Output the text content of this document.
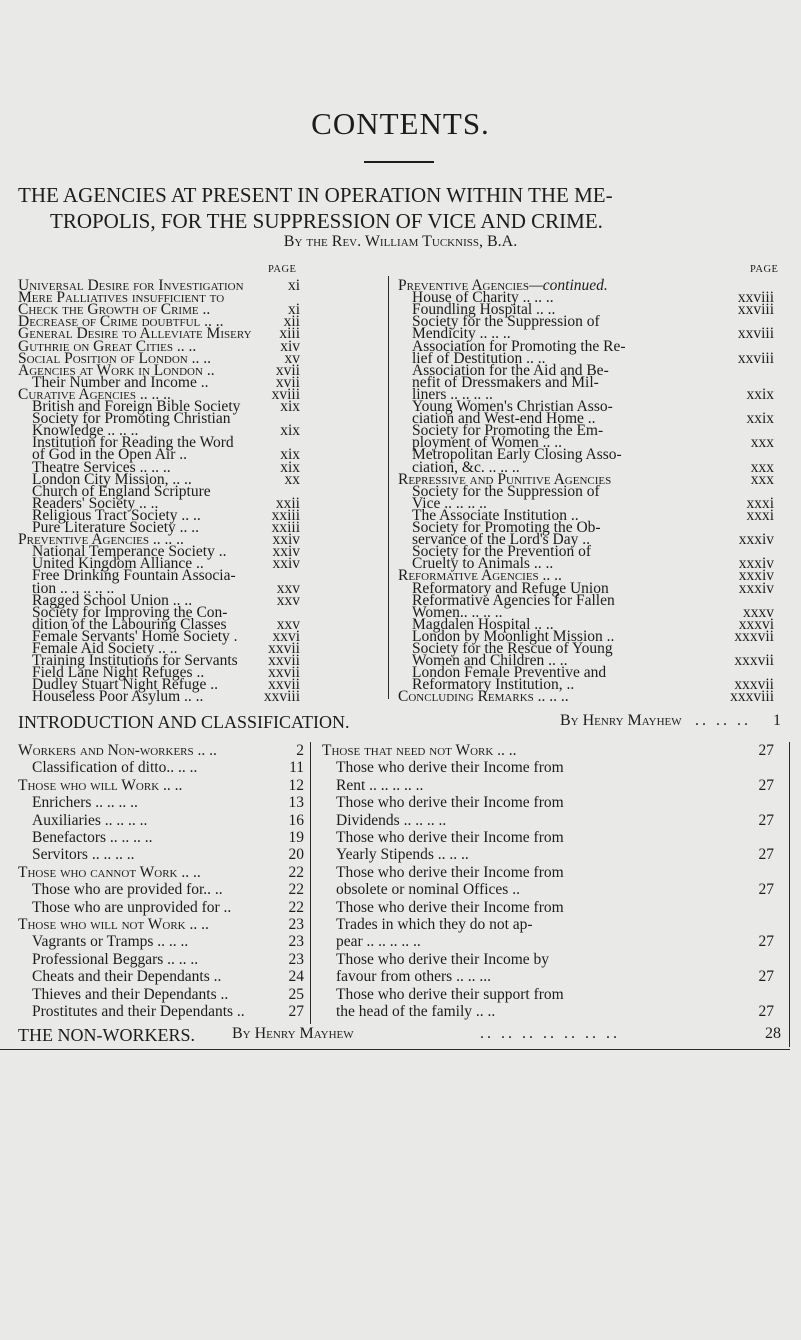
CONTENTS.
THE AGENCIES AT PRESENT IN OPERATION WITHIN THE ME-
TROPOLIS, FOR THE SUPPRESSION OF VICE AND CRIME.
By the Rev. William Tuckniss, B.A.
PAGE	PAGE
Universal Desire for Investigation	xi
Mere Palliatives insufficient to
Check the Growth of Crime ..	xi
Decrease of Crime doubtful .. ..	xii
General Desire to Alleviate Misery xiii
Guthrie on Great Cities .. ..	xiv
Social Position of London .. ..	xv
Agencies at Work in London ..	xvii
Their Number and Income ..	xvii
Curative Agencies .. .. ..	xviii
British and Foreign Bible Society	xix
Society for Promoting Christian
Knowledge .. .. ..	xix
Institution for Reading the Word
of God in the Open Air ..	xix
Theatre Services .. .. ..	xix
London City Mission, .. ..	xx
Church of England Scripture
Readers' Society .. ..	xxii
Religious Tract Society .. ..	xxiii
Pure Literature Society .. ..	xxiii
Preventive Agencies .. .. ..	xxiv
National Temperance Society ..	xxiv
United Kingdom Alliance ..	xxiv
Free Drinking Fountain Associa-
tion .. .. .. .. ..	xxv
Ragged School Union .. ..	xxv
Society for Improving the Con-
dition of the Labouring Classes	xxv
Female Servants' Home Society . xxvi
Female Aid Society .. ..	xxvii
Training Institutions for Servants xxvii
Field Lane Night Refuges ..	xxvii
Dudley Stuart Night Refuge ..	xxvii
Houseless Poor Asylum .. ..	xxviii
Preventive Agencies—continued.
House of Charity .. .. ..	xxviii
Foundling Hospital .. ..	xxviii
Society for the Suppression of
Mendicity .. .. ..	xxviii
Association for Promoting the Re-
lief of Destitution .. ..	xxviii
Association for the Aid and Be-
nefit of Dressmakers and Mil-
liners .. .. .. ..	xxix
Young Women's Christian Asso-
ciation and West-end Home ..	xxix
Society for Promoting the Em-
ployment of Women .. ..	xxx
Metropolitan Early Closing Asso-
ciation, &c. .. .. ..	xxx
Repressive and Punitive Agencies	xxx
Society for the Suppression of
Vice .. .. .. ..	xxxi
The Associate Institution ..	xxxi
Society for Promoting the Ob-
servance of the Lord's Day ..	xxxiv
Society for the Prevention of
Cruelty to Animals .. ..	xxxiv
Reformative Agencies .. ..	xxxiv
Reformatory and Refuge Union	xxxiv
Reformative Agencies for Fallen
Women.. .. .. ..	xxxv
Magdalen Hospital .. ..	xxxvi
London by Moonlight Mission ..	xxxvii
Society for the Rescue of Young
Women and Children .. ..	xxxvii
London Female Preventive and
Reformatory Institution, ..	xxxvii
Concluding Remarks .. .. ..	xxxviii
INTRODUCTION AND CLASSIFICATION.	By Henry Mayhew .. .. .. 1
Workers and Non-workers .. ..	2
Classification of ditto.. .. ..	11
Those who will Work .. ..	12
Enrichers .. .. .. ..	13
Auxiliaries .. .. .. ..	16
Benefactors .. .. .. ..	19
Servitors .. .. .. ..	20
Those who cannot Work .. ..	22
Those who are provided for.. ..	22
Those who are unprovided for ..	22
Those who will not Work .. ..	23
Vagrants or Tramps .. .. ..	23
Professional Beggars .. .. ..	23
Cheats and their Dependants ..	24
Thieves and their Dependants ..	25
Prostitutes and their Dependants ..	27
Those that need not Work .. ..	27
Those who derive their Income from
Rent .. .. .. .. ..	27
Those who derive their Income from
Dividends .. .. .. ..	27
Those who derive their Income from
Yearly Stipends .. .. ..	27
Those who derive their Income from
obsolete or nominal Offices ..	27
Those who derive their Income from
Trades in which they do not ap-
pear .. .. .. .. ..	27
Those who derive their Income by
favour from others .. .. ...	27
Those who derive their support from
the head of the family .. ..	27
THE NON-WORKERS. By Henry Mayhew	.. .. .. .. .. .. ..	28
